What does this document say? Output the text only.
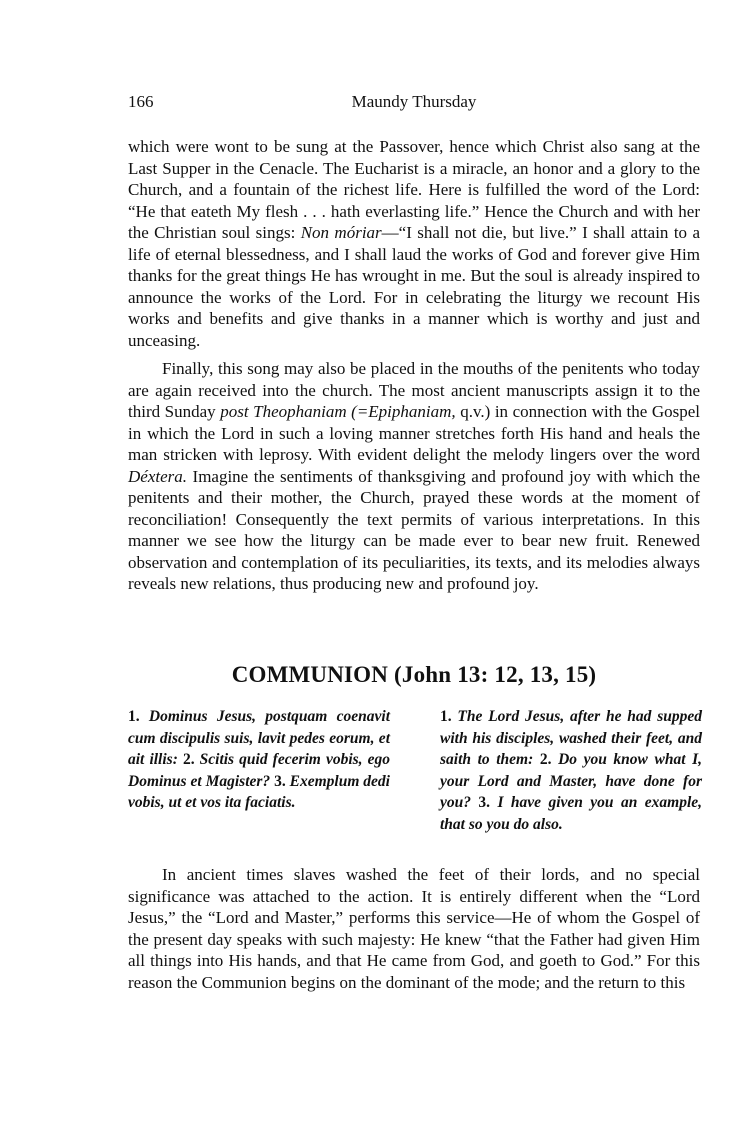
166	Maundy Thursday

which were wont to be sung at the Passover, hence which Christ also sang at the Last Supper in the Cenacle. The Eucharist is a miracle, an honor and a glory to the Church, and a fountain of the richest life. Here is fulfilled the word of the Lord: “He that eateth My flesh . . . hath everlasting life.” Hence the Church and with her the Christian soul sings: Non móriar—“I shall not die, but live.” I shall attain to a life of eternal blessedness, and I shall laud the works of God and forever give Him thanks for the great things He has wrought in me. But the soul is already inspired to announce the works of the Lord. For in celebrating the liturgy we recount His works and benefits and give thanks in a manner which is worthy and just and unceasing.

Finally, this song may also be placed in the mouths of the penitents who today are again received into the church. The most ancient manuscripts assign it to the third Sunday post Theophaniam (=Epiphaniam, q.v.) in connection with the Gospel in which the Lord in such a loving manner stretches forth His hand and heals the man stricken with leprosy. With evident delight the melody lingers over the word Déxtera. Imagine the sentiments of thanksgiving and profound joy with which the penitents and their mother, the Church, prayed these words at the moment of reconciliation! Consequently the text permits of various interpretations. In this manner we see how the liturgy can be made ever to bear new fruit. Renewed observation and contemplation of its peculiarities, its texts, and its melodies always reveals new relations, thus producing new and profound joy.

COMMUNION (John 13: 12, 13, 15)
1. Dominus Jesus, postquam coenavit cum discipulis suis, lavit pedes eorum, et ait illis: 2. Scitis quid fecerim vobis, ego Dominus et Magister? 3. Exemplum dedi vobis, ut et vos ita faciatis.
1. The Lord Jesus, after he had supped with his disciples, washed their feet, and saith to them: 2. Do you know what I, your Lord and Master, have done for you? 3. I have given you an example, that so you do also.

In ancient times slaves washed the feet of their lords, and no special significance was attached to the action. It is entirely different when the “Lord Jesus,” the “Lord and Master,” performs this service—He of whom the Gospel of the present day speaks with such majesty: He knew “that the Father had given Him all things into His hands, and that He came from God, and goeth to God.” For this reason the Communion begins on the dominant of the mode; and the return to this
